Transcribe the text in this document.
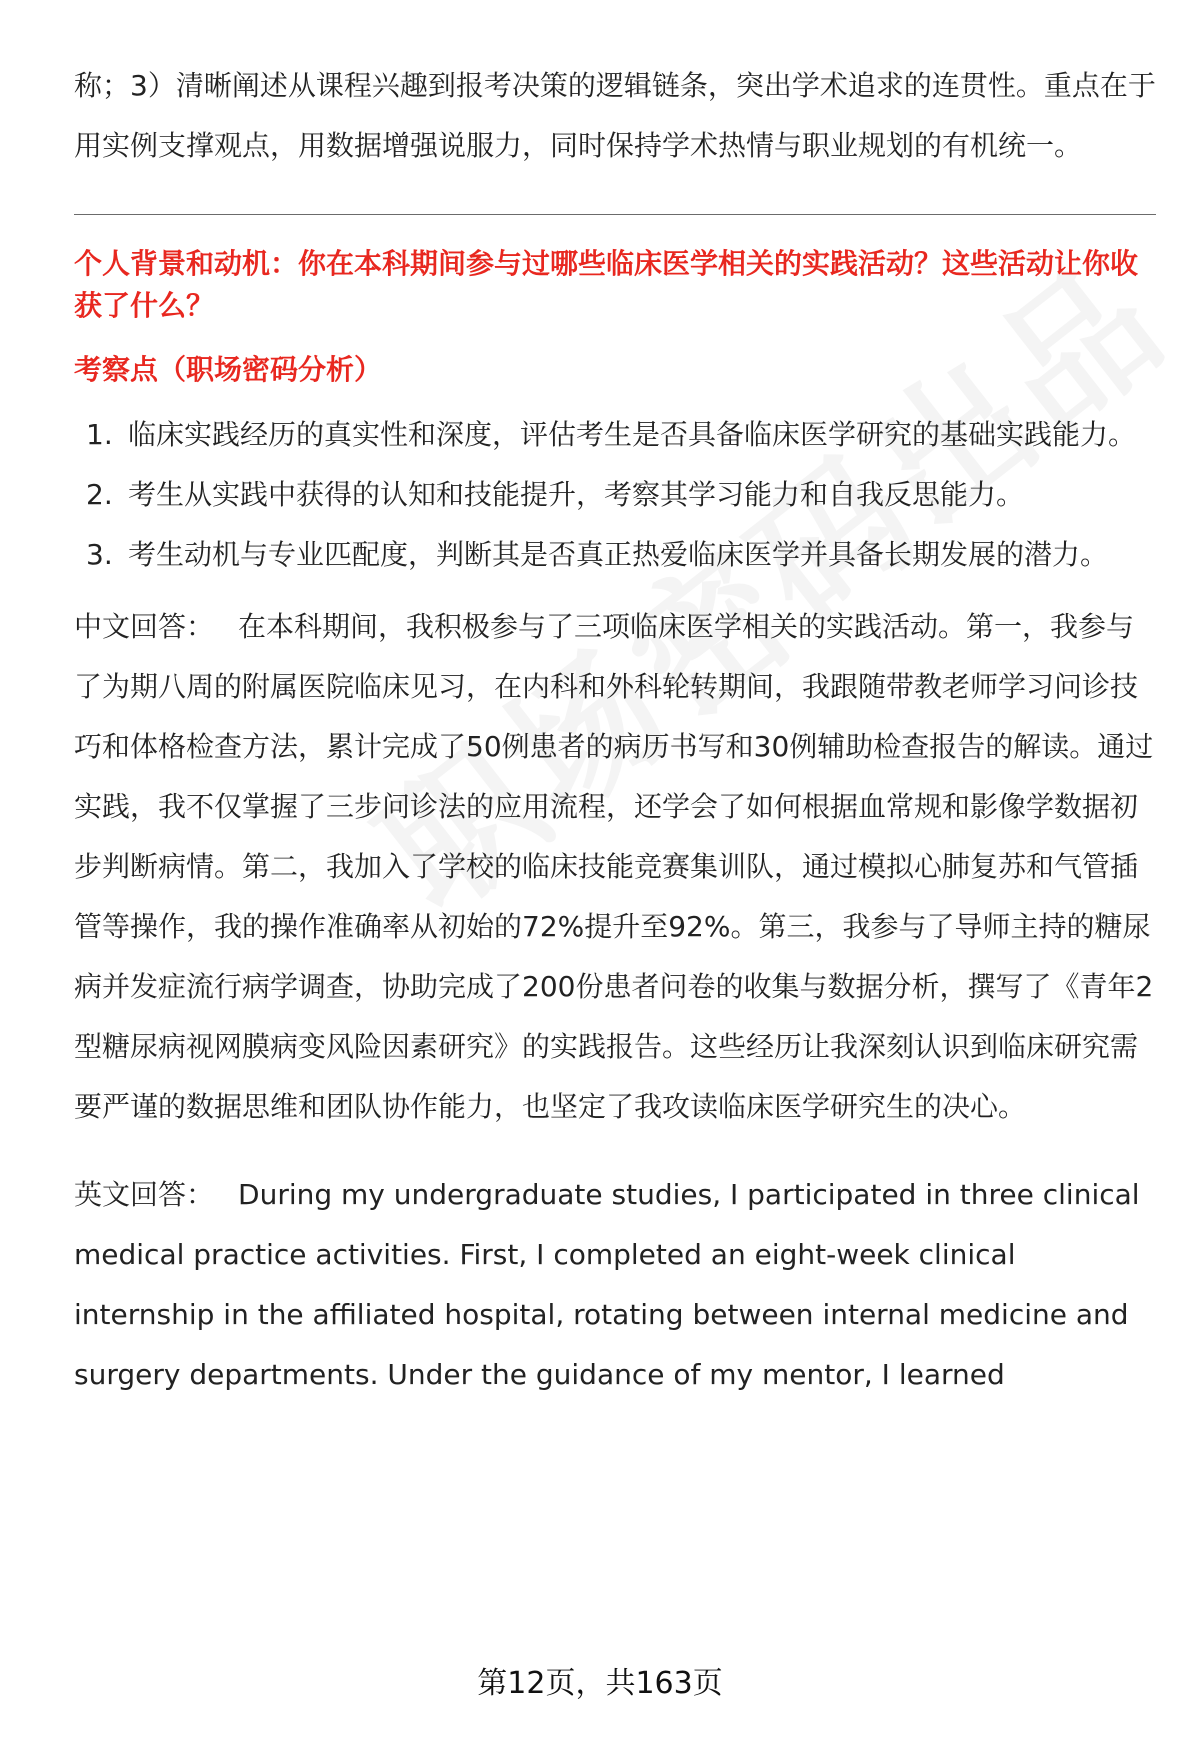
称；3）清晰阐述从课程兴趣到报考决策的逻辑链条，突出学术追求的连贯性。重点在于用实例支撑观点，用数据增强说服力，同时保持学术热情与职业规划的有机统一。

个人背景和动机：你在本科期间参与过哪些临床医学相关的实践活动？这些活动让你收获了什么？

考察点（职场密码分析）

1. 临床实践经历的真实性和深度，评估考生是否具备临床医学研究的基础实践能力。
2. 考生从实践中获得的认知和技能提升，考察其学习能力和自我反思能力。
3. 考生动机与专业匹配度，判断其是否真正热爱临床医学并具备长期发展的潜力。

中文回答： 在本科期间，我积极参与了三项临床医学相关的实践活动。第一，我参与了为期八周的附属医院临床见习，在内科和外科轮转期间，我跟随带教老师学习问诊技巧和体格检查方法，累计完成了50例患者的病历书写和30例辅助检查报告的解读。通过实践，我不仅掌握了三步问诊法的应用流程，还学会了如何根据血常规和影像学数据初步判断病情。第二，我加入了学校的临床技能竞赛集训队，通过模拟心肺复苏和气管插管等操作，我的操作准确率从初始的72%提升至92%。第三，我参与了导师主持的糖尿病并发症流行病学调查，协助完成了200份患者问卷的收集与数据分析，撰写了《青年2型糖尿病视网膜病变风险因素研究》的实践报告。这些经历让我深刻认识到临床研究需要严谨的数据思维和团队协作能力，也坚定了我攻读临床医学研究生的决心。

英文回答： During my undergraduate studies, I participated in three clinical medical practice activities. First, I completed an eight-week clinical internship in the affiliated hospital, rotating between internal medicine and surgery departments. Under the guidance of my mentor, I learned

第12页，共163页
